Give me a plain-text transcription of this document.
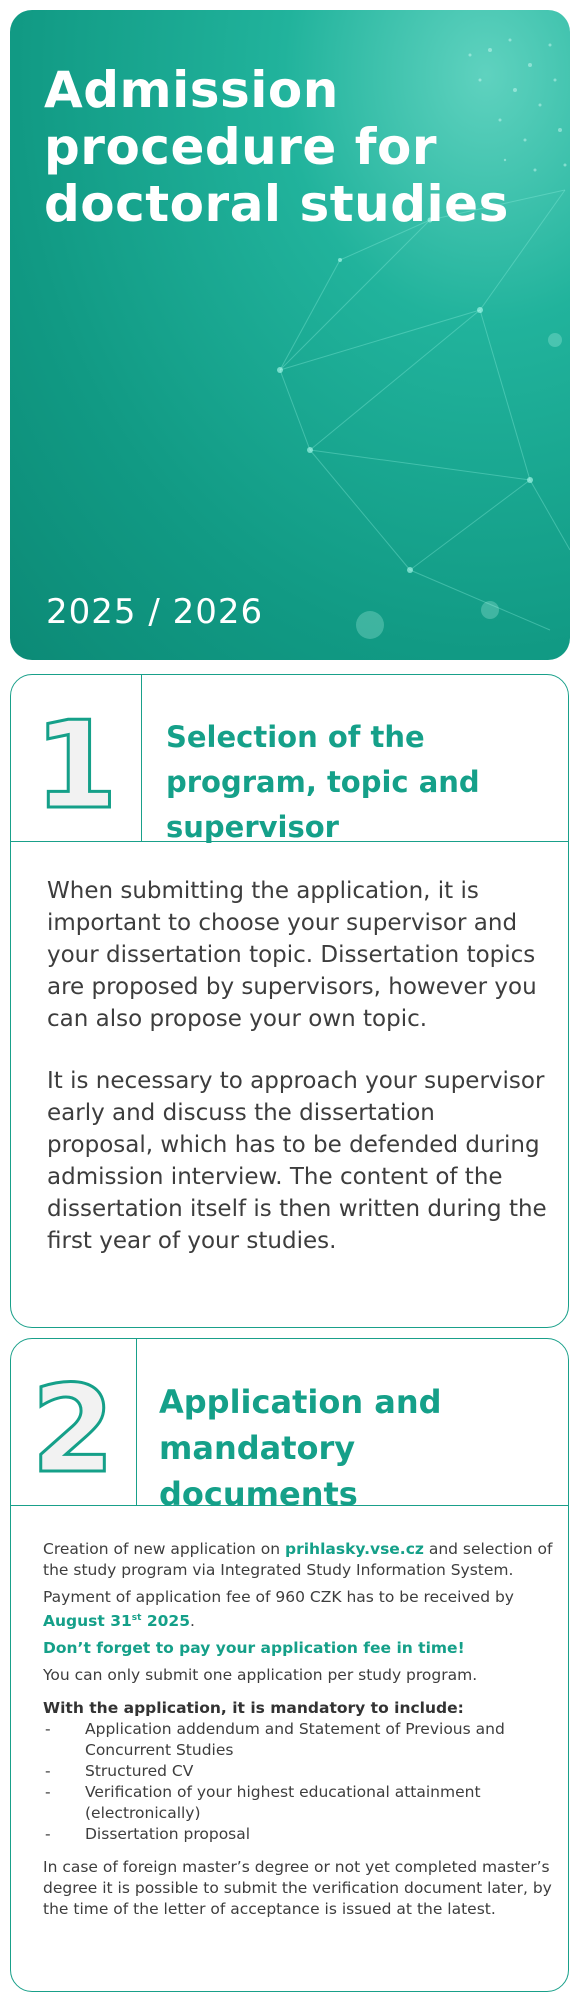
Admission procedure for doctoral studies
2025 / 2026
1 Selection of the program, topic and supervisor

When submitting the application, it is important to choose your supervisor and your dissertation topic. Dissertation topics are proposed by supervisors, however you can also propose your own topic.

It is necessary to approach your supervisor early and discuss the dissertation proposal, which has to be defended during admission interview. The content of the dissertation itself is then written during the first year of your studies.

2 Application and mandatory documents

Creation of new application on prihlasky.vse.cz and selection of the study program via Integrated Study Information System.

Payment of application fee of 960 CZK has to be received by August 31st 2025.

Don’t forget to pay your application fee in time!

You can only submit one application per study program.

With the application, it is mandatory to include:

- Application addendum and Statement of Previous and Concurrent Studies
- Structured CV
- Verification of your highest educational attainment (electronically)
- Dissertation proposal

In case of foreign master’s degree or not yet completed master’s degree it is possible to submit the verification document later, by the time of the letter of acceptance is issued at the latest.
